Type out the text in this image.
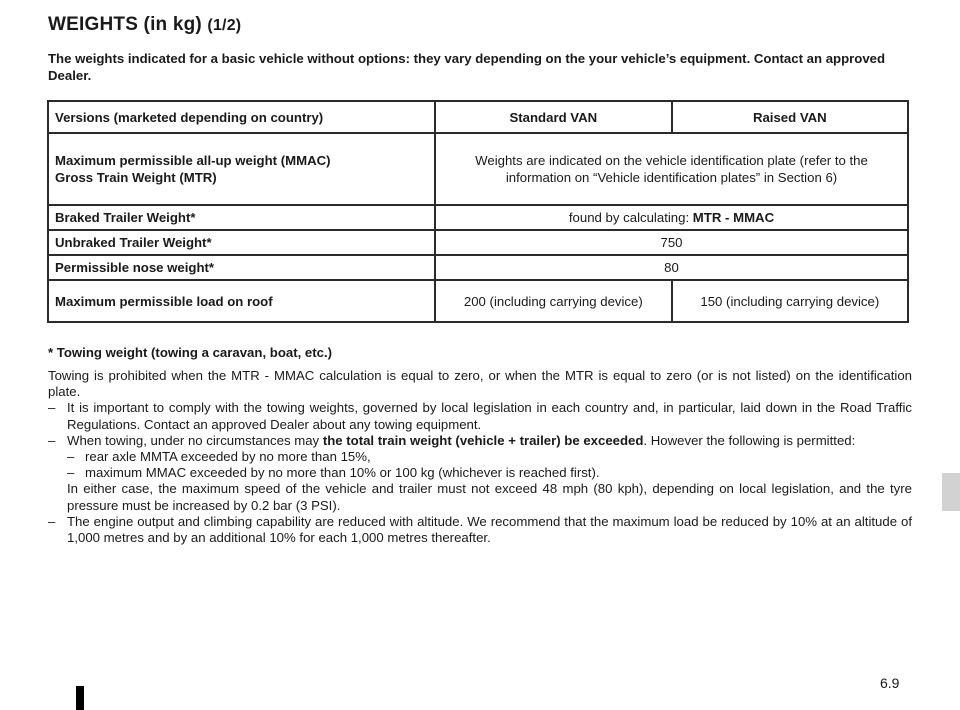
WEIGHTS (in kg) (1/2)
The weights indicated for a basic vehicle without options: they vary depending on the your vehicle’s equipment. Contact an approved Dealer.
Versions (marketed depending on country)	Standard VAN	Raised VAN

Maximum permissible all-up weight (MMAC)
Gross Train Weight (MTR)	Weights are indicated on the vehicle identification plate (refer to the information on “Vehicle identification plates” in Section 6)	
Braked Trailer Weight*	found by calculating: MTR - MMAC	
Unbraked Trailer Weight*	750	
Permissible nose weight*	80	
Maximum permissible load on roof	200 (including carrying device)	150 (including carrying device)
* Towing weight (towing a caravan, boat, etc.)

Towing is prohibited when the MTR - MMAC calculation is equal to zero, or when the MTR is equal to zero (or is not listed) on the identification plate.

– It is important to comply with the towing weights, governed by local legislation in each country and, in particular, laid down in the Road Traffic Regulations. Contact an approved Dealer about any towing equipment.

– When towing, under no circumstances may the total train weight (vehicle + trailer) be exceeded. However the following is permitted:

– rear axle MMTA exceeded by no more than 15%,

– maximum MMAC exceeded by no more than 10% or 100 kg (whichever is reached first).

In either case, the maximum speed of the vehicle and trailer must not exceed 48 mph (80 kph), depending on local legislation, and the tyre pressure must be increased by 0.2 bar (3 PSI).

– The engine output and climbing capability are reduced with altitude. We recommend that the maximum load be reduced by 10% at an altitude of 1,000 metres and by an additional 10% for each 1,000 metres thereafter.

6.9
